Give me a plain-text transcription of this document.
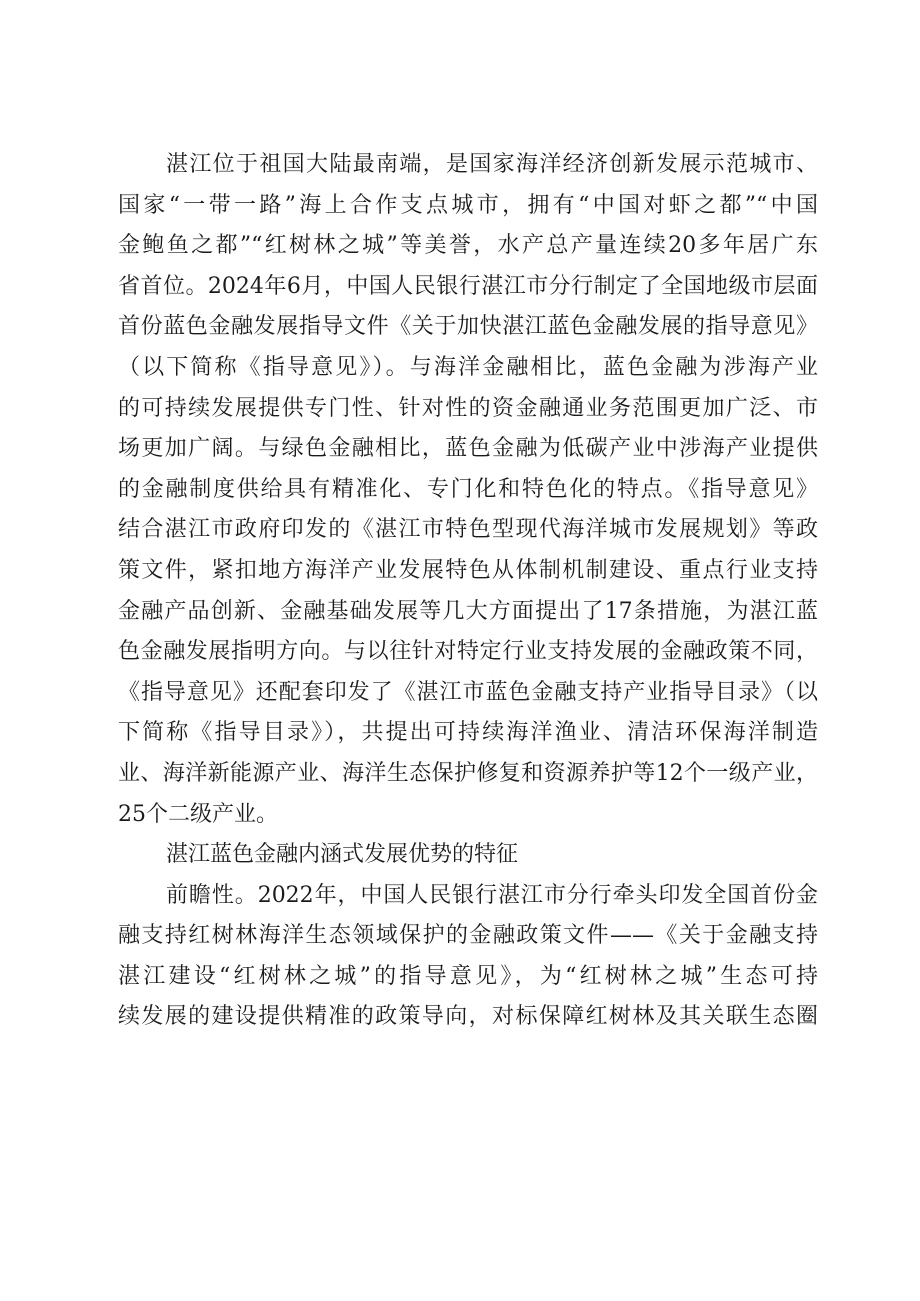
湛江位于祖国大陆最南端，是国家海洋经济创新发展示范城市、
国家“一带一路”海上合作支点城市，拥有“中国对虾之都”“中国
金鲍鱼之都”“红树林之城”等美誉，水产总产量连续20多年居广东
省首位。2024年6月，中国人民银行湛江市分行制定了全国地级市层面
首份蓝色金融发展指导文件《关于加快湛江蓝色金融发展的指导意见》
（以下简称《指导意见》）。与海洋金融相比，蓝色金融为涉海产业
的可持续发展提供专门性、针对性的资金融通业务范围更加广泛、市
场更加广阔。与绿色金融相比，蓝色金融为低碳产业中涉海产业提供
的金融制度供给具有精准化、专门化和特色化的特点。《指导意见》
结合湛江市政府印发的《湛江市特色型现代海洋城市发展规划》等政
策文件，紧扣地方海洋产业发展特色从体制机制建设、重点行业支持
金融产品创新、金融基础发展等几大方面提出了17条措施，为湛江蓝
色金融发展指明方向。与以往针对特定行业支持发展的金融政策不同，
《指导意见》还配套印发了《湛江市蓝色金融支持产业指导目录》（以
下简称《指导目录》），共提出可持续海洋渔业、清洁环保海洋制造
业、海洋新能源产业、海洋生态保护修复和资源养护等12个一级产业，
25个二级产业。
湛江蓝色金融内涵式发展优势的特征
前瞻性。2022年，中国人民银行湛江市分行牵头印发全国首份金
融支持红树林海洋生态领域保护的金融政策文件——《关于金融支持
湛江建设“红树林之城”的指导意见》，为“红树林之城”生态可持
续发展的建设提供精准的政策导向，对标保障红树林及其关联生态圈
